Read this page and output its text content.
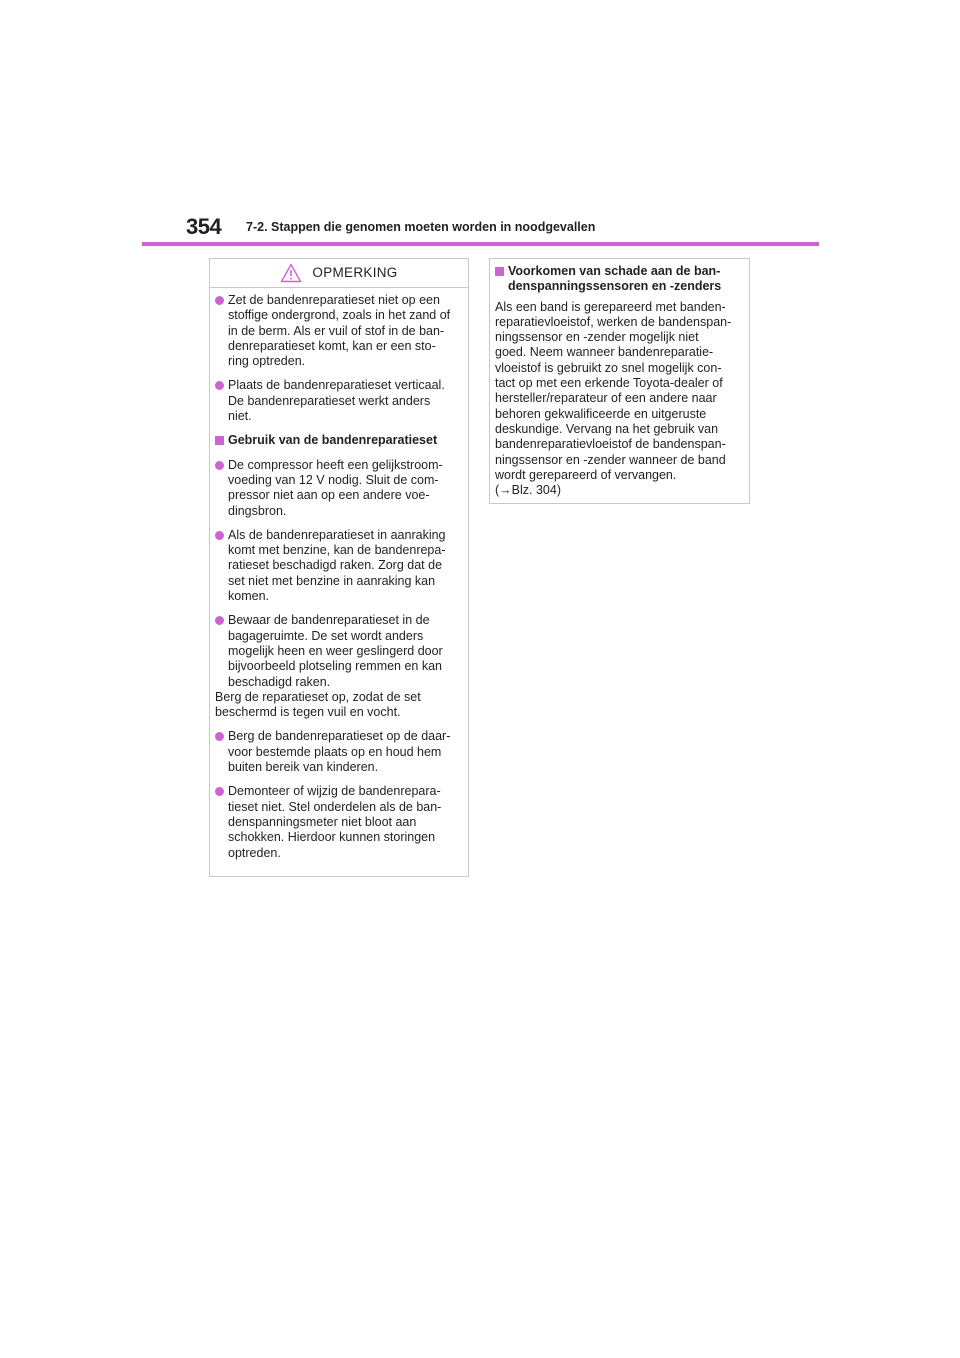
354 7-2. Stappen die genomen moeten worden in noodgevallen
OPMERKING
Zet de bandenreparatieset niet op een
stoffige ondergrond, zoals in het zand of
in de berm. Als er vuil of stof in de ban-
denreparatieset komt, kan er een sto-
ring optreden.
Plaats de bandenreparatieset verticaal.
De bandenreparatieset werkt anders
niet.
Gebruik van de bandenreparatieset
De compressor heeft een gelijkstroom-
voeding van 12 V nodig. Sluit de com-
pressor niet aan op een andere voe-
dingsbron.
Als de bandenreparatieset in aanraking
komt met benzine, kan de bandenrepa-
ratieset beschadigd raken. Zorg dat de
set niet met benzine in aanraking kan
komen.
Bewaar de bandenreparatieset in de
bagageruimte. De set wordt anders
mogelijk heen en weer geslingerd door
bijvoorbeeld plotseling remmen en kan
beschadigd raken.
Berg de reparatieset op, zodat de set
beschermd is tegen vuil en vocht.
Berg de bandenreparatieset op de daar-
voor bestemde plaats op en houd hem
buiten bereik van kinderen.
Demonteer of wijzig de bandenrepara-
tieset niet. Stel onderdelen als de ban-
denspanningsmeter niet bloot aan
schokken. Hierdoor kunnen storingen
optreden.
Voorkomen van schade aan de ban-
denspanningssensoren en -zenders
Als een band is gerepareerd met banden-
reparatievloeistof, werken de bandenspan-
ningssensor en -zender mogelijk niet
goed. Neem wanneer bandenreparatie-
vloeistof is gebruikt zo snel mogelijk con-
tact op met een erkende Toyota-dealer of
hersteller/reparateur of een andere naar
behoren gekwalificeerde en uitgeruste
deskundige. Vervang na het gebruik van
bandenreparatievloeistof de bandenspan-
ningssensor en -zender wanneer de band
wordt gerepareerd of vervangen.
(→Blz. 304)
